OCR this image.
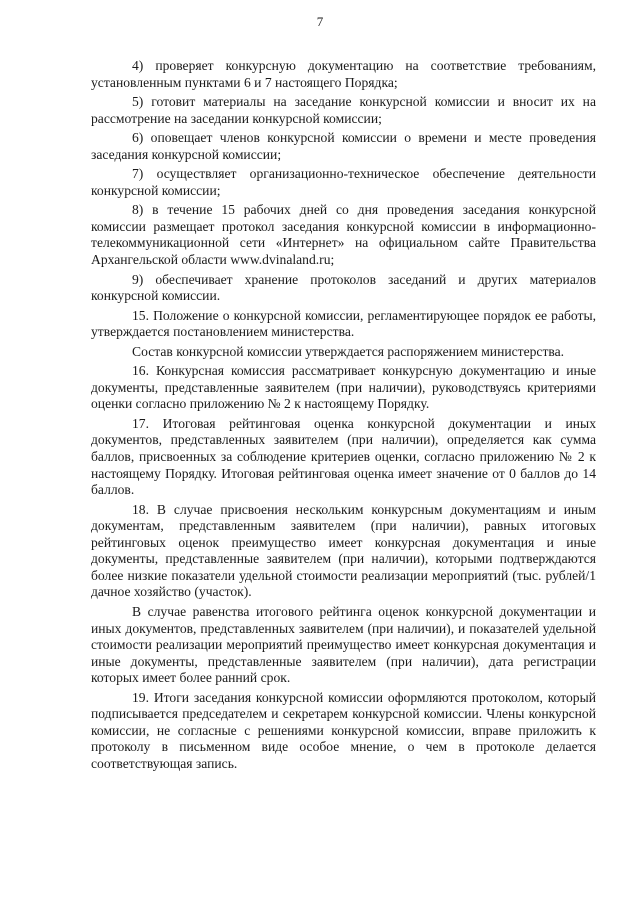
7

4) проверяет конкурсную документацию на соответствие требованиям, установленным пунктами 6 и 7 настоящего Порядка;

5) готовит материалы на заседание конкурсной комиссии и вносит их на рассмотрение на заседании конкурсной комиссии;

6) оповещает членов конкурсной комиссии о времени и месте проведения заседания конкурсной комиссии;

7) осуществляет организационно-техническое обеспечение деятельности конкурсной комиссии;

8) в течение 15 рабочих дней со дня проведения заседания конкурсной комиссии размещает протокол заседания конкурсной комиссии в информационно-телекоммуникационной сети «Интернет» на официальном сайте Правительства Архангельской области www.dvinaland.ru;

9) обеспечивает хранение протоколов заседаний и других материалов конкурсной комиссии.

15. Положение о конкурсной комиссии, регламентирующее порядок ее работы, утверждается постановлением министерства.

Состав конкурсной комиссии утверждается распоряжением министерства.

16. Конкурсная комиссия рассматривает конкурсную документацию и иные документы, представленные заявителем (при наличии), руководствуясь критериями оценки согласно приложению № 2 к настоящему Порядку.

17. Итоговая рейтинговая оценка конкурсной документации и иных документов, представленных заявителем (при наличии), определяется как сумма баллов, присвоенных за соблюдение критериев оценки, согласно приложению № 2 к настоящему Порядку. Итоговая рейтинговая оценка имеет значение от 0 баллов до 14 баллов.

18. В случае присвоения нескольким конкурсным документациям и иным документам, представленным заявителем (при наличии), равных итоговых рейтинговых оценок преимущество имеет конкурсная документация и иные документы, представленные заявителем (при наличии), которыми подтверждаются более низкие показатели удельной стоимости реализации мероприятий (тыс. рублей/1 дачное хозяйство (участок).

В случае равенства итогового рейтинга оценок конкурсной документации и иных документов, представленных заявителем (при наличии), и показателей удельной стоимости реализации мероприятий преимущество имеет конкурсная документация и иные документы, представленные заявителем (при наличии), дата регистрации которых имеет более ранний срок.

19. Итоги заседания конкурсной комиссии оформляются протоколом, который подписывается председателем и секретарем конкурсной комиссии. Члены конкурсной комиссии, не согласные с решениями конкурсной комиссии, вправе приложить к протоколу в письменном виде особое мнение, о чем в протоколе делается соответствующая запись.
